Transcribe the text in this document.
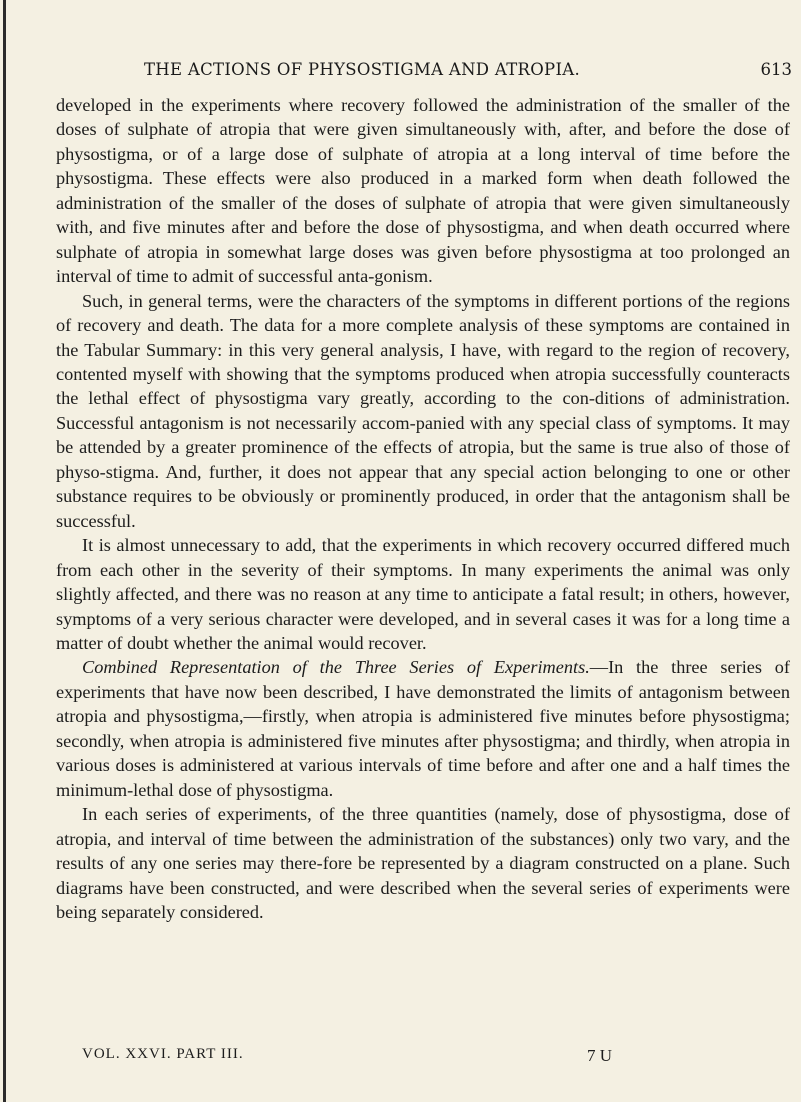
THE ACTIONS OF PHYSOSTIGMA AND ATROPIA.	613

developed in the experiments where recovery followed the administration of the smaller of the doses of sulphate of atropia that were given simultaneously with, after, and before the dose of physostigma, or of a large dose of sulphate of atropia at a long interval of time before the physostigma. These effects were also produced in a marked form when death followed the administration of the smaller of the doses of sulphate of atropia that were given simultaneously with, and five minutes after and before the dose of physostigma, and when death occurred where sulphate of atropia in somewhat large doses was given before physostigma at too prolonged an interval of time to admit of successful anta-gonism.

Such, in general terms, were the characters of the symptoms in different portions of the regions of recovery and death. The data for a more complete analysis of these symptoms are contained in the Tabular Summary: in this very general analysis, I have, with regard to the region of recovery, contented myself with showing that the symptoms produced when atropia successfully counteracts the lethal effect of physostigma vary greatly, according to the con-ditions of administration. Successful antagonism is not necessarily accom-panied with any special class of symptoms. It may be attended by a greater prominence of the effects of atropia, but the same is true also of those of physo-stigma. And, further, it does not appear that any special action belonging to one or other substance requires to be obviously or prominently produced, in order that the antagonism shall be successful.

It is almost unnecessary to add, that the experiments in which recovery occurred differed much from each other in the severity of their symptoms. In many experiments the animal was only slightly affected, and there was no reason at any time to anticipate a fatal result; in others, however, symptoms of a very serious character were developed, and in several cases it was for a long time a matter of doubt whether the animal would recover.

Combined Representation of the Three Series of Experiments.—In the three series of experiments that have now been described, I have demonstrated the limits of antagonism between atropia and physostigma,—firstly, when atropia is administered five minutes before physostigma; secondly, when atropia is administered five minutes after physostigma; and thirdly, when atropia in various doses is administered at various intervals of time before and after one and a half times the minimum-lethal dose of physostigma.

In each series of experiments, of the three quantities (namely, dose of physostigma, dose of atropia, and interval of time between the administration of the substances) only two vary, and the results of any one series may there-fore be represented by a diagram constructed on a plane. Such diagrams have been constructed, and were described when the several series of experiments were being separately considered.

VOL. XXVI. PART III.	7 U
